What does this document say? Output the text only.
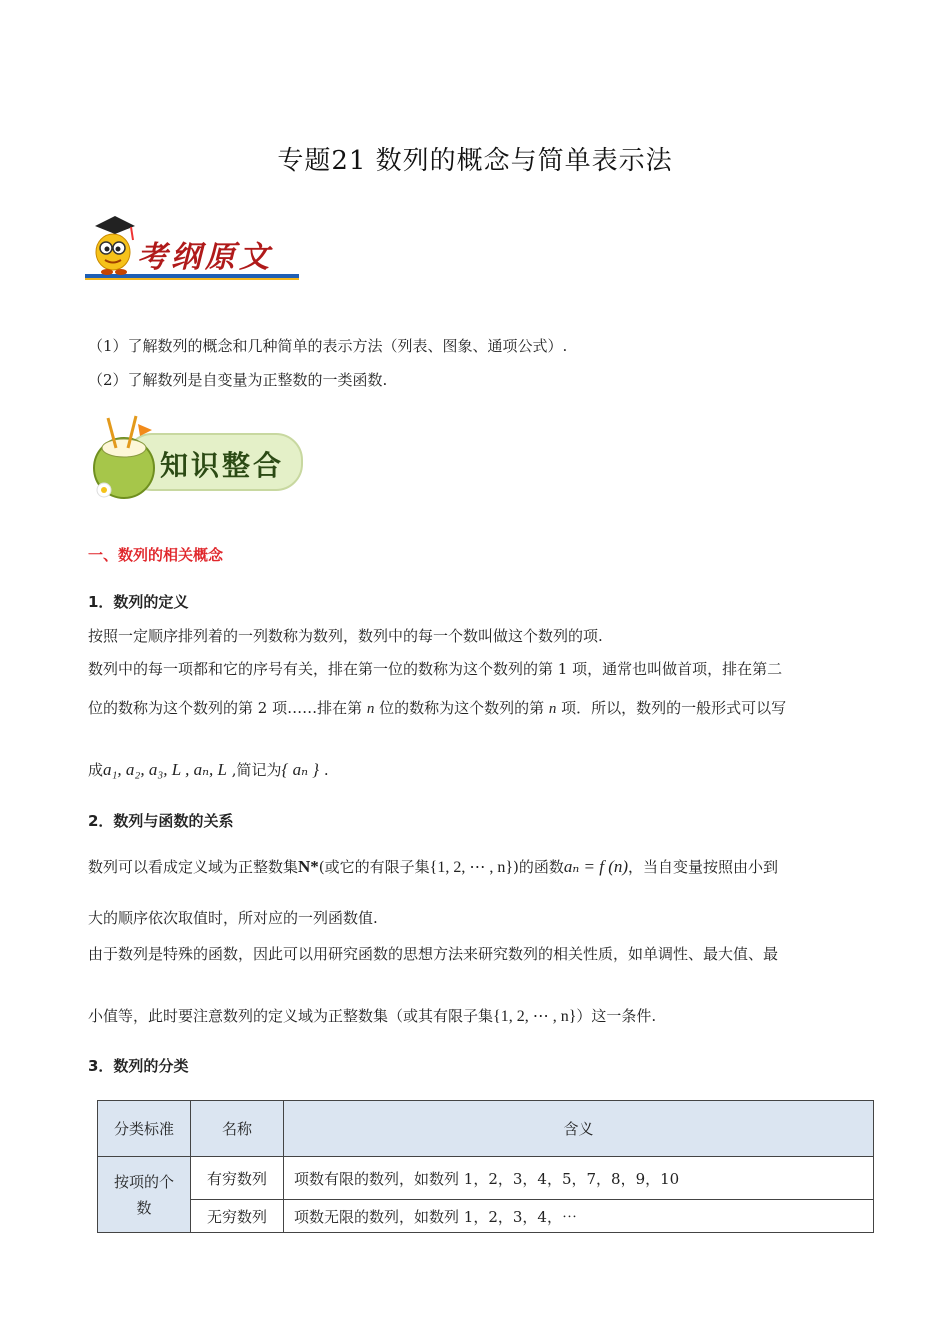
专题21 数列的概念与简单表示法
考纲原文
（1）了解数列的概念和几种简单的表示方法（列表、图象、通项公式）.
（2）了解数列是自变量为正整数的一类函数.
知识整合
一、数列的相关概念
1．数列的定义
按照一定顺序排列着的一列数称为数列，数列中的每一个数叫做这个数列的项.
数列中的每一项都和它的序号有关，排在第一位的数称为这个数列的第 1 项，通常也叫做首项，排在第二
位的数称为这个数列的第 2 项……排在第 n 位的数称为这个数列的第 n 项．所以，数列的一般形式可以写
成a₁, a₂, a₃, L , aₙ, L ,简记为{ aₙ } .
2．数列与函数的关系
数列可以看成定义域为正整数集N*(或它的有限子集{1, 2, ⋯ , n})的函数aₙ = f (n)，当自变量按照由小到
大的顺序依次取值时，所对应的一列函数值.
由于数列是特殊的函数，因此可以用研究函数的思想方法来研究数列的相关性质，如单调性、最大值、最
小值等，此时要注意数列的定义域为正整数集（或其有限子集{1, 2, ⋯ , n}）这一条件.
3．数列的分类
分类标准	名称	含义

按项的个数	有穷数列	项数有限的数列，如数列 1，2，3，4，5，7，8，9，10
	无穷数列	项数无限的数列，如数列 1，2，3，4，⋯
